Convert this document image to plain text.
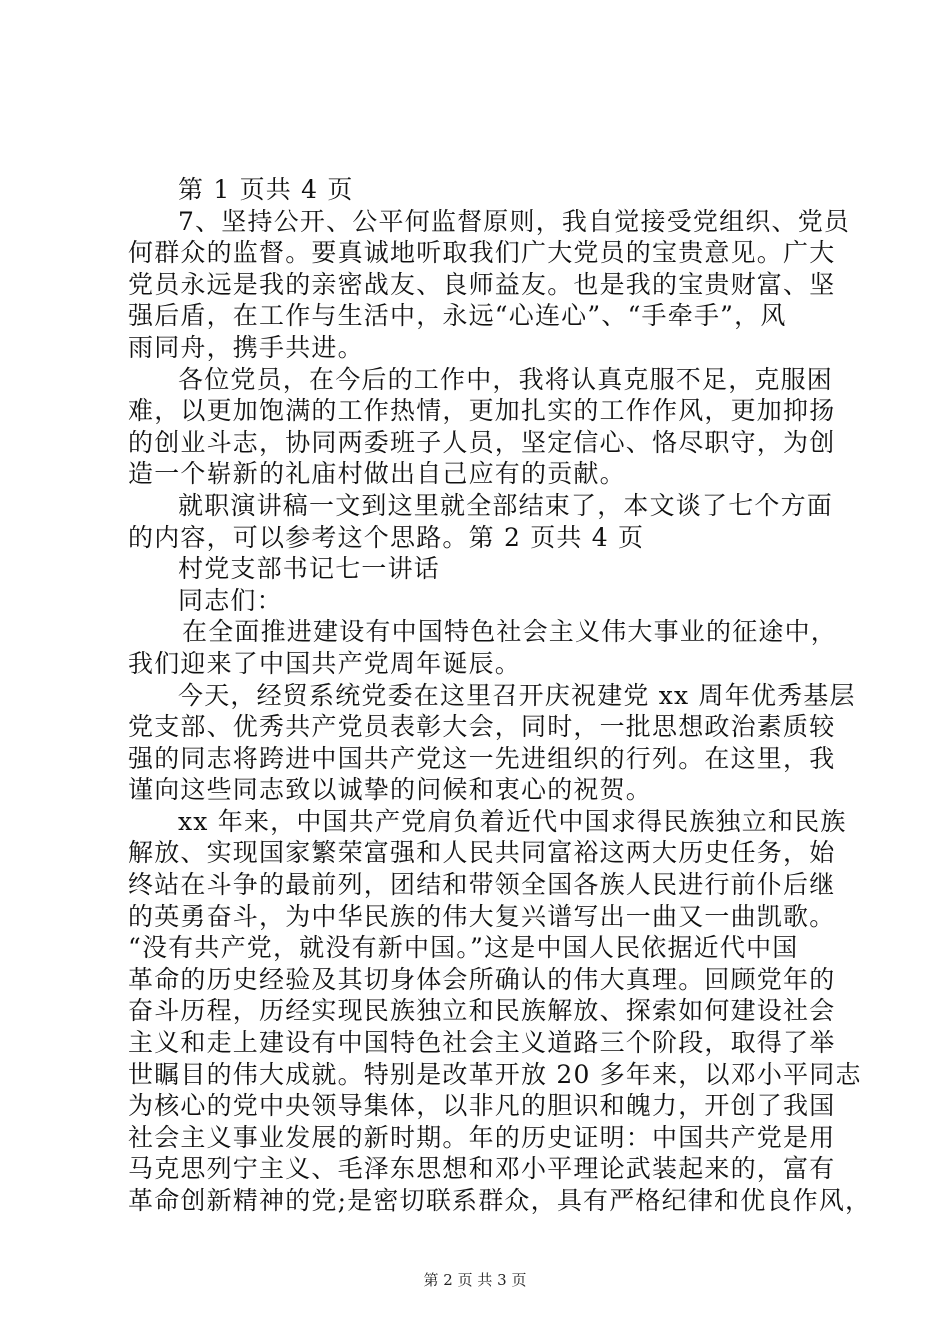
第 1 页共 4 页
7、坚持公开、公平何监督原则，我自觉接受党组织、党员
何群众的监督。要真诚地听取我们广大党员的宝贵意见。广大
党员永远是我的亲密战友、良师益友。也是我的宝贵财富、坚
强后盾，在工作与生活中，永远“心连心”、“手牵手”，风
雨同舟，携手共进。
各位党员，在今后的工作中，我将认真克服不足，克服困
难，以更加饱满的工作热情，更加扎实的工作作风，更加抑扬
的创业斗志，协同两委班子人员，坚定信心、恪尽职守，为创
造一个崭新的礼庙村做出自己应有的贡献。
就职演讲稿一文到这里就全部结束了，本文谈了七个方面
的内容，可以参考这个思路。第 2 页共 4 页
村党支部书记七一讲话
同志们：
在全面推进建设有中国特色社会主义伟大事业的征途中，
我们迎来了中国共产党周年诞辰。
今天，经贸系统党委在这里召开庆祝建党 xx 周年优秀基层
党支部、优秀共产党员表彰大会，同时，一批思想政治素质较
强的同志将跨进中国共产党这一先进组织的行列。在这里，我
谨向这些同志致以诚挚的问候和衷心的祝贺。
xx 年来，中国共产党肩负着近代中国求得民族独立和民族
解放、实现国家繁荣富强和人民共同富裕这两大历史任务，始
终站在斗争的最前列，团结和带领全国各族人民进行前仆后继
的英勇奋斗，为中华民族的伟大复兴谱写出一曲又一曲凯歌。
“没有共产党，就没有新中国。”这是中国人民依据近代中国
革命的历史经验及其切身体会所确认的伟大真理。回顾党年的
奋斗历程，历经实现民族独立和民族解放、探索如何建设社会
主义和走上建设有中国特色社会主义道路三个阶段，取得了举
世瞩目的伟大成就。特别是改革开放 20 多年来，以邓小平同志
为核心的党中央领导集体，以非凡的胆识和魄力，开创了我国
社会主义事业发展的新时期。年的历史证明：中国共产党是用
马克思列宁主义、毛泽东思想和邓小平理论武装起来的，富有
革命创新精神的党;是密切联系群众，具有严格纪律和优良作风，
第 2 页 共 3 页
